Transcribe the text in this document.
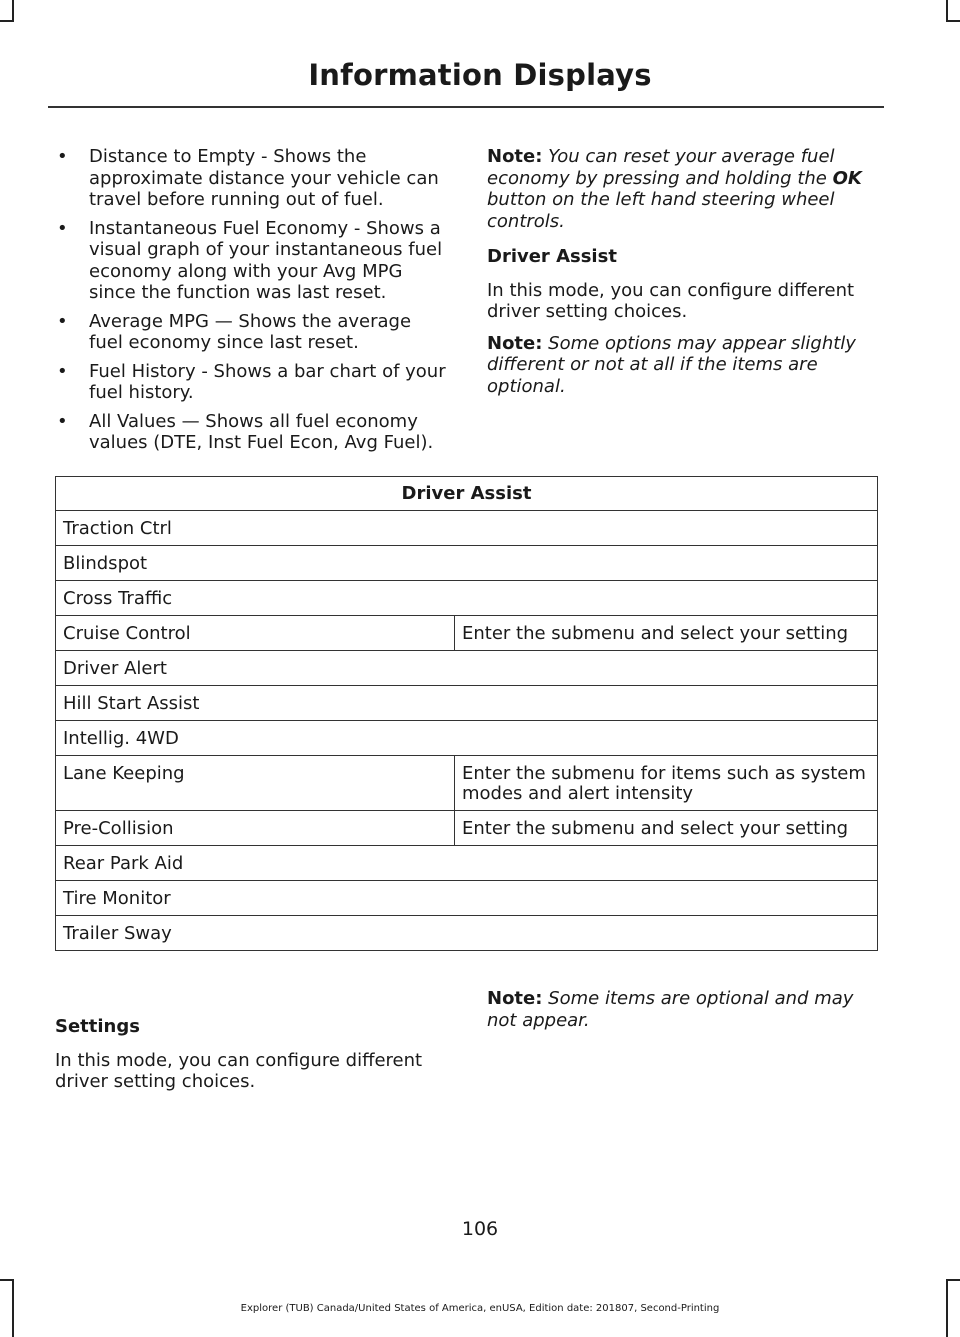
Information Displays
• Distance to Empty - Shows the approximate distance your vehicle can travel before running out of fuel.
• Instantaneous Fuel Economy - Shows a visual graph of your instantaneous fuel economy along with your Avg MPG since the function was last reset.
• Average MPG — Shows the average fuel economy since last reset.
• Fuel History - Shows a bar chart of your fuel history.
• All Values — Shows all fuel economy values (DTE, Inst Fuel Econ, Avg Fuel).

Note: You can reset your average fuel economy by pressing and holding the OK button on the left hand steering wheel controls.

Driver Assist

In this mode, you can configure different driver setting choices.

Note: Some options may appear slightly different or not at all if the items are optional.

Driver Assist	
Traction Ctrl	
Blindspot	
Cross Traffic	
Cruise Control	Enter the submenu and select your setting
Driver Alert	
Hill Start Assist	
Intellig. 4WD	
Lane Keeping	Enter the submenu for items such as system modes and alert intensity
Pre-Collision	Enter the submenu and select your setting
Rear Park Aid	
Tire Monitor	
Trailer Sway	

Settings

In this mode, you can configure different driver setting choices.

Note: Some items are optional and may not appear.

106
Explorer (TUB) Canada/United States of America, enUSA, Edition date: 201807, Second-Printing
